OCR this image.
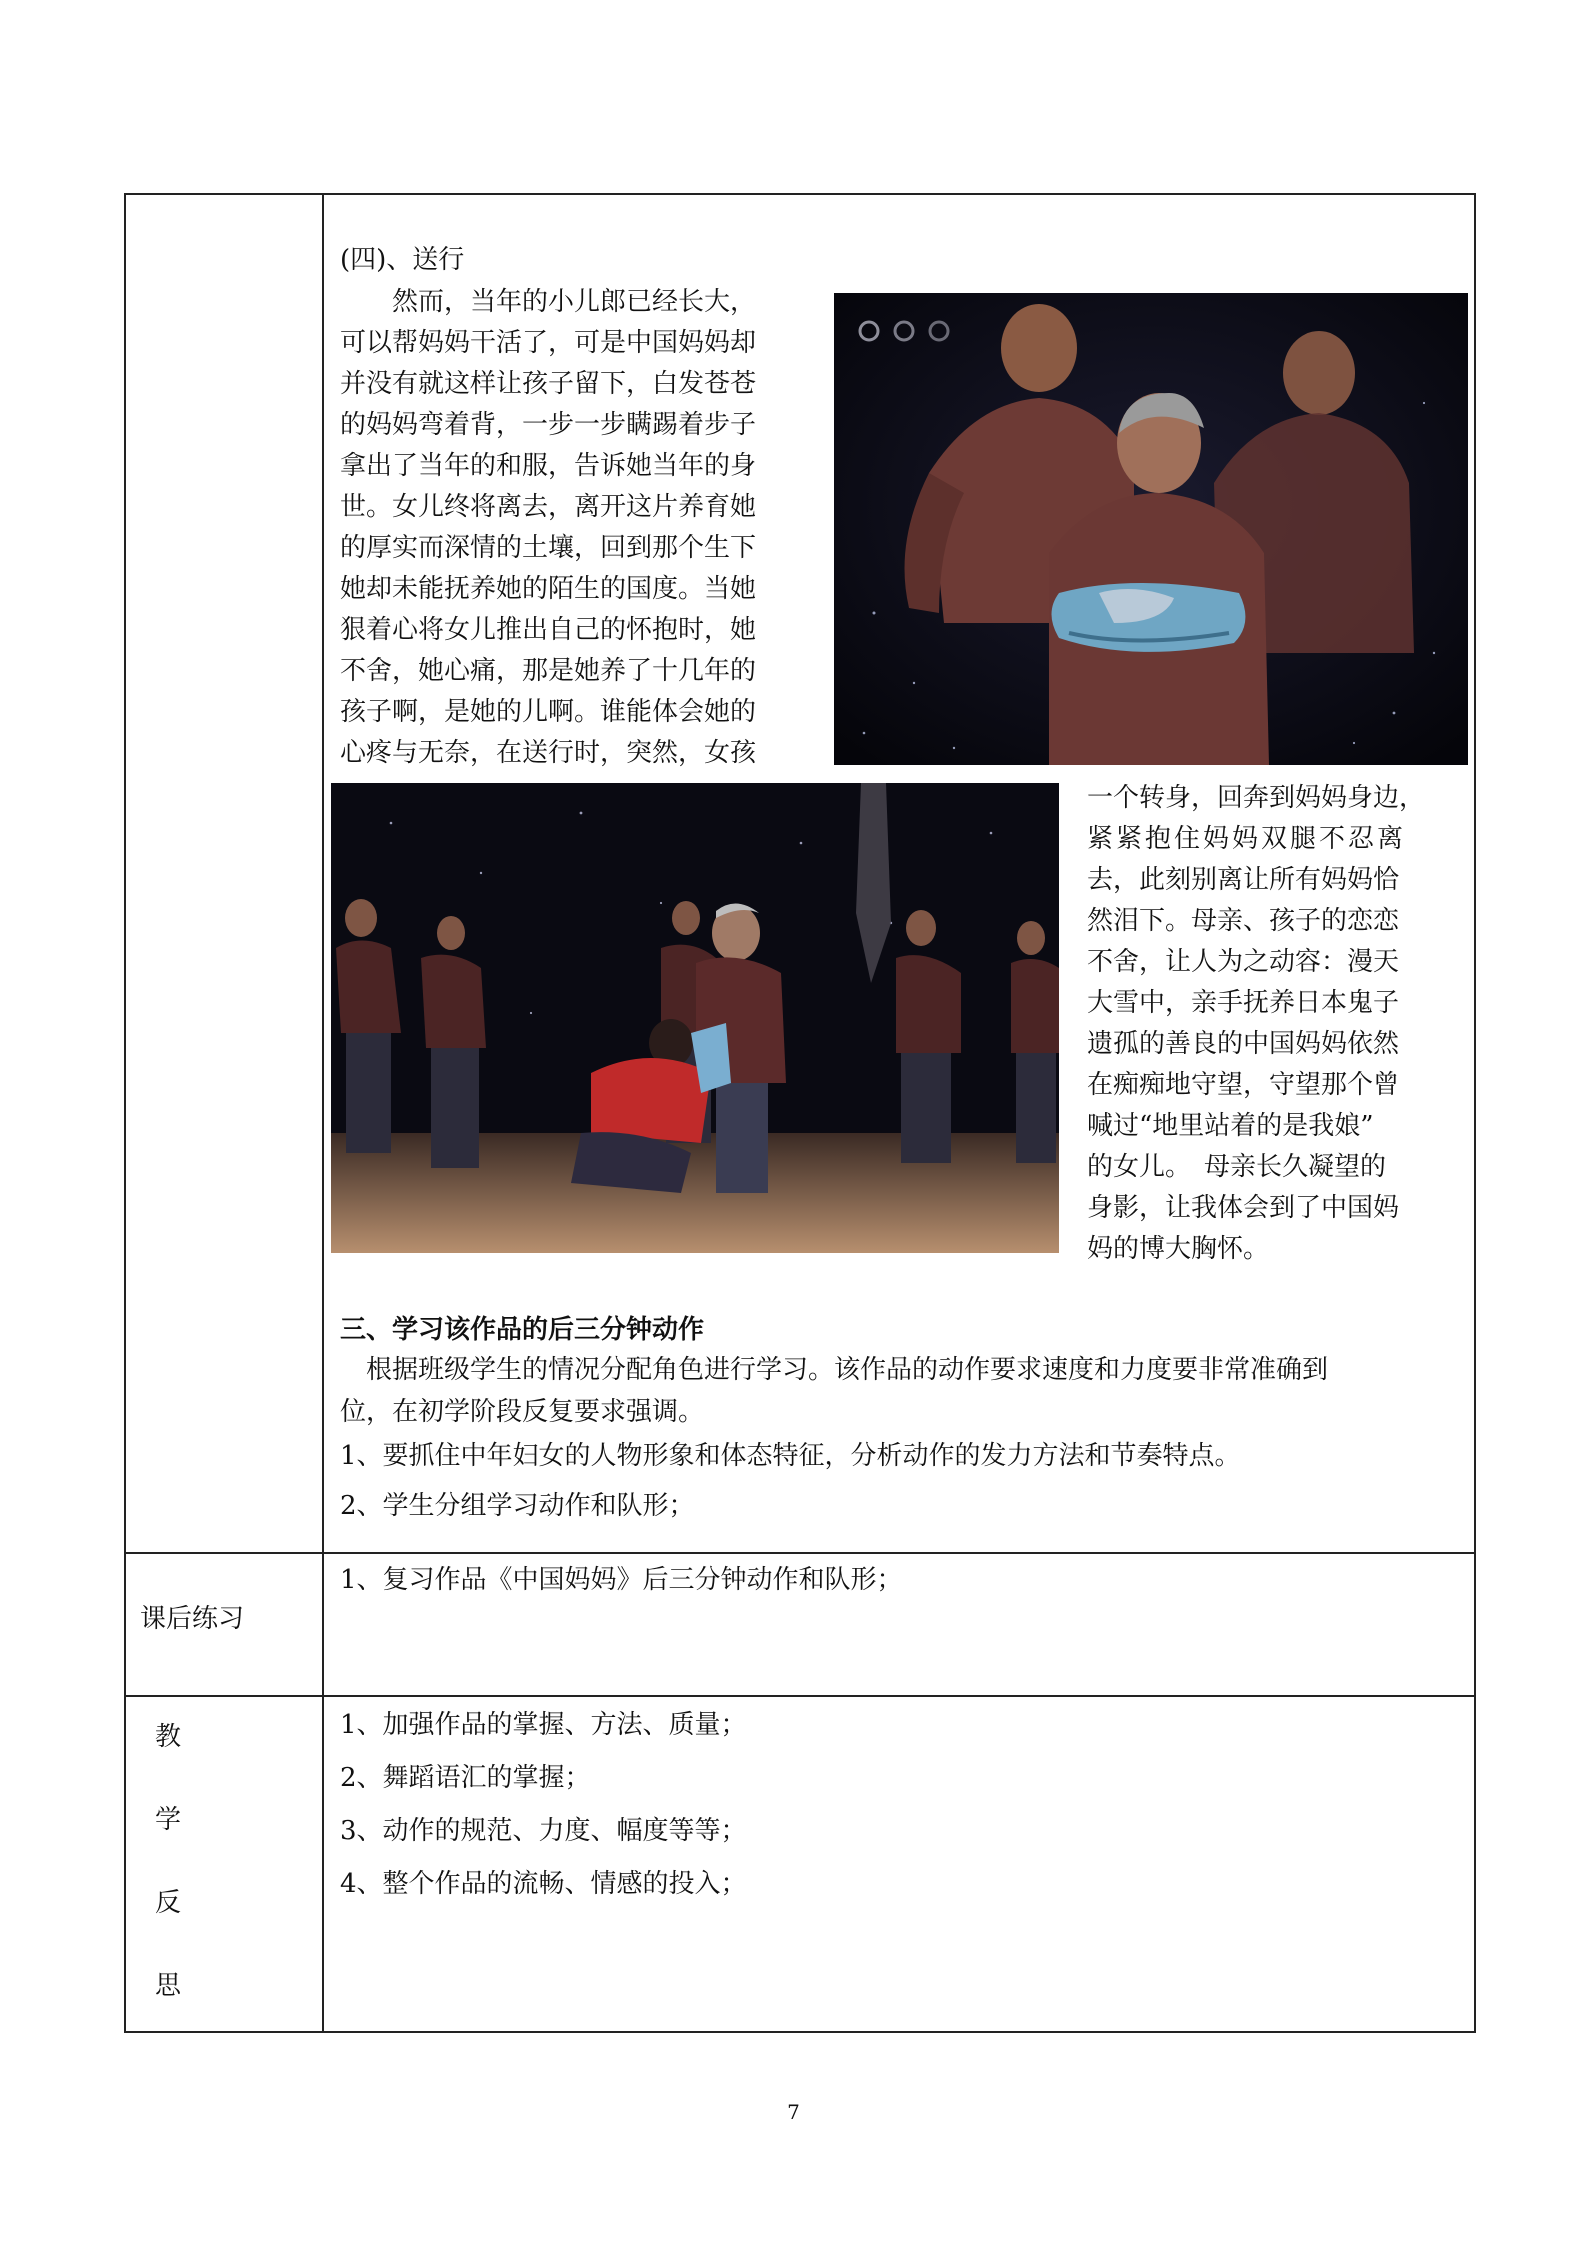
(四)、送行
　　然而，当年的小儿郎已经长大，
可以帮妈妈干活了，可是中国妈妈却
并没有就这样让孩子留下，白发苍苍
的妈妈弯着背，一步一步瞒踢着步子
拿出了当年的和服，告诉她当年的身
世。女儿终将离去，离开这片养育她
的厚实而深情的土壤，回到那个生下
她却未能抚养她的陌生的国度。当她
狠着心将女儿推出自己的怀抱时，她
不舍，她心痛，那是她养了十几年的
孩子啊，是她的儿啊。谁能体会她的
心疼与无奈，在送行时，突然，女孩
一个转身，回奔到妈妈身边，
紧紧抱住妈妈双腿不忍离
去，此刻别离让所有妈妈恰
然泪下。母亲、孩子的恋恋
不舍，让人为之动容：漫天
大雪中，亲手抚养日本鬼子
遗孤的善良的中国妈妈依然
在痴痴地守望，守望那个曾
喊过“地里站着的是我娘”
的女儿。　母亲长久凝望的
身影，让我体会到了中国妈
妈的博大胸怀。
三、学习该作品的后三分钟动作
　根据班级学生的情况分配角色进行学习。该作品的动作要求速度和力度要非常准确到
位，在初学阶段反复要求强调。
1、要抓住中年妇女的人物形象和体态特征，分析动作的发力方法和节奏特点。
2、学生分组学习动作和队形；
课后练习
1、复习作品《中国妈妈》后三分钟动作和队形；
教
学
反
思
1、加强作品的掌握、方法、质量；
2、舞蹈语汇的掌握；
3、动作的规范、力度、幅度等等；
4、整个作品的流畅、情感的投入；
7
